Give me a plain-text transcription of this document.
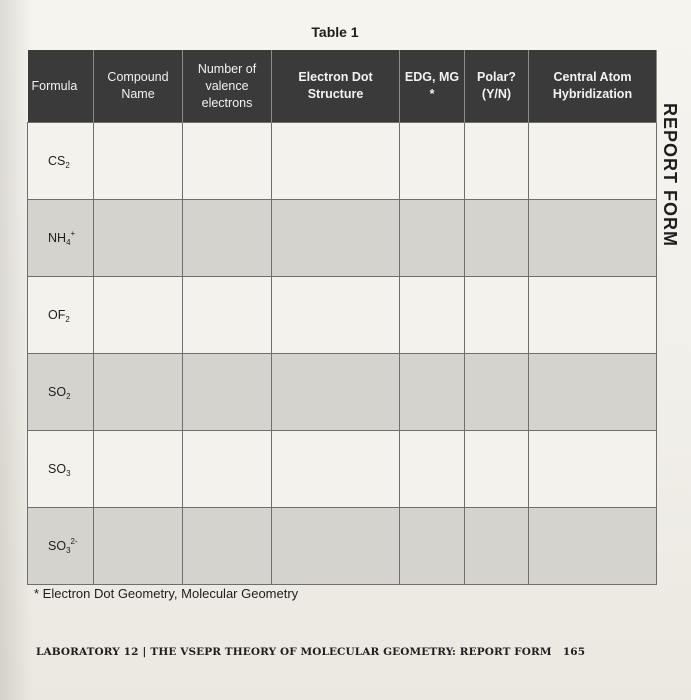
Table 1
Formula	Compound Name	Number of valence electrons	Electron Dot Structure	EDG, MG *	Polar? (Y/N)	Central Atom Hybridization
$CS_2$						
$NH_4^+$						
$OF_2$						
$SO_2$						
$SO_3$						
$SO_3^{2-}$						
REPORT FORM
* Electron Dot Geometry, Molecular Geometry
LABORATORY 12 | THE VSEPR THEORY OF MOLECULAR GEOMETRY: REPORT FORM 165
